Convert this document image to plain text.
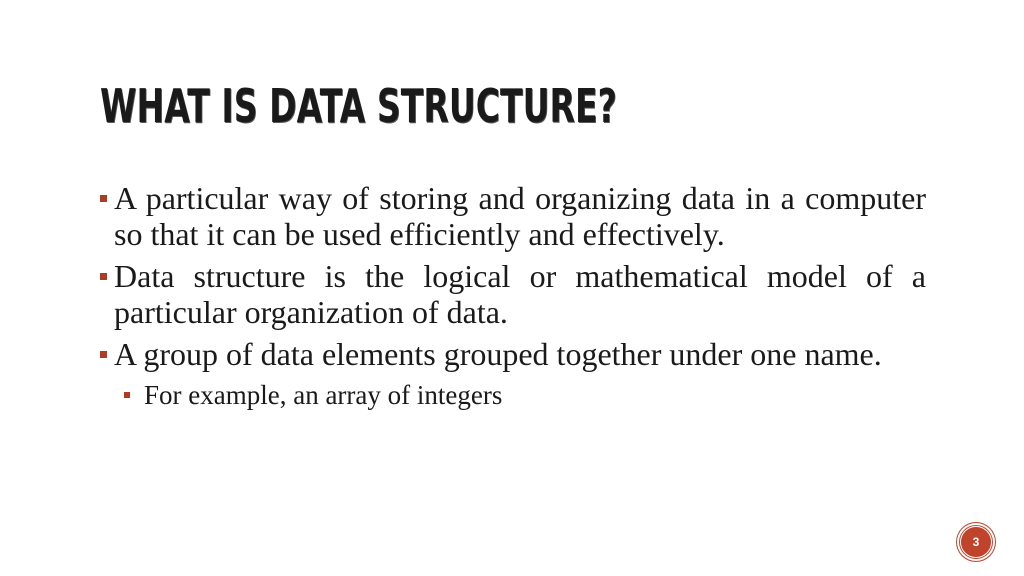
WHAT IS DATA STRUCTURE?
A particular way of storing and organizing data in a computer so that it can be used efficiently and effectively.
Data structure is the logical or mathematical model of a particular organization of data.
A group of data elements grouped together under one name.
For example, an array of integers
3
